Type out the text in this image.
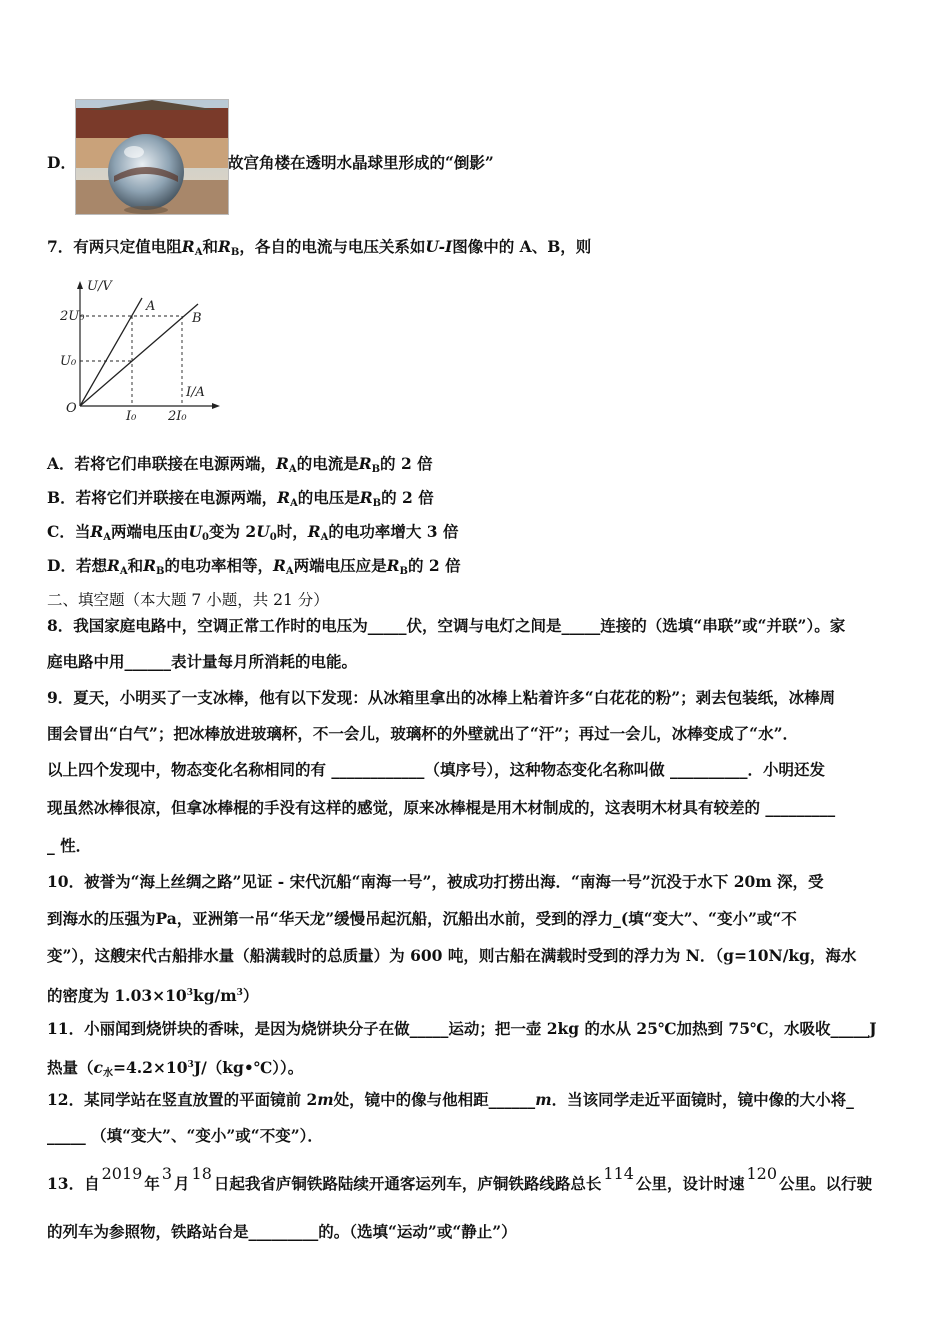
D．	故宫角楼在透明水晶球里形成的“倒影”
7．有两只定值电阻$R_A$和$R_B$，各自的电流与电压关系如U-I图像中的 A、B，则
U/V
I/A
O
2U₀
U₀
I₀ 2I₀
A
B
A．若将它们串联接在电源两端，$R_A$的电流是$R_B$的 2 倍
B．若将它们并联接在电源两端，$R_A$的电压是$R_B$的 2 倍
C．当$R_A$两端电压由$U_0$变为 $2U_0$时，$R_A$的电功率增大 3 倍
D．若想$R_A$和$R_B$的电功率相等，$R_A$两端电压应是$R_B$的 2 倍
二、填空题（本大题 7 小题，共 21 分）
8．我国家庭电路中，空调正常工作时的电压为_____伏，空调与电灯之间是_____连接的（选填“串联”或“并联”）。家
庭电路中用______表计量每月所消耗的电能。
9．夏天，小明买了一支冰棒，他有以下发现：从冰箱里拿出的冰棒上粘着许多“白花花的粉”；剥去包装纸，冰棒周
围会冒出“白气”；把冰棒放进玻璃杯，不一会儿，玻璃杯的外壁就出了“汗”；再过一会儿，冰棒变成了“水”．
以上四个发现中，物态变化名称相同的有 ____________（填序号），这种物态变化名称叫做 __________．小明还发
现虽然冰棒很凉，但拿冰棒棍的手没有这样的感觉，原来冰棒棍是用木材制成的，这表明木材具有较差的 _________
_ 性．
10．被誉为“海上丝绸之路”见证 - 宋代沉船“南海一号”，被成功打捞出海．“南海一号”沉没于水下 20m 深，受
到海水的压强为Pa，亚洲第一吊“华天龙”缓慢吊起沉船，沉船出水前，受到的浮力_(填“变大”、“变小”或“不
变”），这艘宋代古船排水量（船满载时的总质量）为 600 吨，则古船在满载时受到的浮力为 N．（g=10N/kg，海水
的密度为 $1.03\times 10^3kg/m^3$）
11．小丽闻到烧饼块的香味，是因为烧饼块分子在做_____运动；把一壶 2kg 的水从 25℃加热到 75℃，水吸收_____J
热量$(c_水=4.2\times 10^3J/(kg•℃))$。
12．某同学站在竖直放置的平面镜前 2m处，镜中的像与他相距______m．当该同学走近平面镜时，镜中像的大小将_
_____ （填“变大”、“变小”或“不变”）．
13．自2019年3月18日起我省庐铜铁路陆续开通客运列车，庐铜铁路线路总长114公里，设计时速120公里。以行驶
的列车为参照物，铁路站台是_________的。（选填“运动”或“静止”）
